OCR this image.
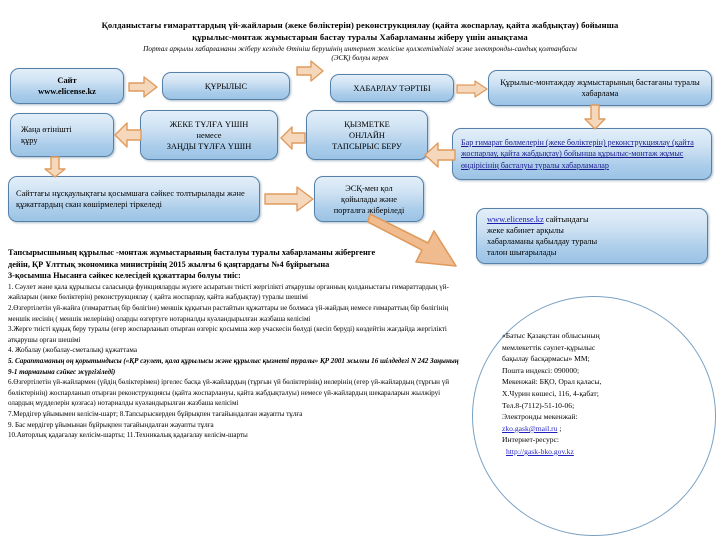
Қолданыстағы ғимараттардың үй-жайларын (жеке бөліктерін) реконструкциялау (қайта жоспарлау, қайта жабдықтау) бойынша
құрылыс-монтаж жұмыстарын бастау туралы Хабарламаны жіберу үшін анықтама
Портал арқылы хабарламаны жіберу кезінде Өтініш берушінің интернет желісіне қолжетімділігі және электронды-сандық қолтаңбасы
(ЭСҚ) болуы керек
Сайт
www.elicense.kz
ҚҰРЫЛЫС	ХАБАРЛАУ ТӘРТІБІ
Құрылыс-монтаждау жұмыстарының бастағаны туралы хабарлама
Жаңа өтінішті
құру
ЖЕКЕ ТҰЛҒА ҮШІН
немесе
ЗАҢДЫ ТҰЛҒА ҮШІН
ҚЫЗМЕТКЕ
ОНЛАЙН
ТАПСЫРЫС БЕРУ	Бар ғимарат бөлмелерін (жеке бөліктерін) реконструкциялау (қайта жоспарлау, қайта жабдықтау) бойынша құрылыс-монтаж жұмыс өндірісінің басталуы туралы хабарламалар
Сайттағы нұсқаулықтағы қосымшаға сәйкес толтырылады және құжаттардың скан көшірмелері тіркеледі
ЭСҚ-мен қол
қойылады және
порталға жіберіледі
www.elicense.kz сайтындағы
жеке кабинет арқылы
хабарламаны қабылдау туралы
талон шығарылады
«Батыс Қазақстан облысының
мемлекеттік сәулет-құрылыс
бақылау басқармасы» ММ;
Пошта индексі: 090000;
Мекенжай: БҚО, Орал қаласы,
Х.Чурин көшесі, 116, 4-қабат;
Тел.8-(7112)-51-10-06;
Электронды мекенжай:
zko.gask@mail.ru ;
Интернет-ресурс:
http://gask-bko.gov.kz
Тапсырысшының құрылыс -монтаж жұмыстарының басталуы туралы хабарламаны жібергенге
дейін, ҚР Ұлттық экономика министрінің 2015 жылғы 6 қаңтардағы №4 бұйрығына
3-қосымша Нысанға сәйкес келесідей құжаттары болуы тиіс:
1. Сәулет және қала құрылысы саласында функцияларды жүзеге асыратын тиісті жергілікті атқарушы органның қолданыстағы ғимараттардың үй-жайларын (жеке бөліктерін) реконструкциялау ( қайта жоспарлау, қайта жабдықтау) туралы шешімі
2.Өзгертілетін үй-жайға (ғимараттың бір бөлігіне) меншік құқығын растайтын құжаттары не болмаса үй-жайдың немесе ғимараттың бір бөлігінің меншік иесінің ( меншік иелерінің) оларды өзгертуге нотариалды куәландырылған жазбаша келісімі
3.Жерге тиісті құқық беру туралы (егер жоспарланып отырған өзгеріс қосымша жер учаскесін бөлуді (кесіп беруді) көздейтін жағдайда жергілікті атқарушы орган шешімі
4. Жобалау (жобалау-сметалық) құжаттама
5. Сараптаманың оң қорытындысы («ҚР сәулет, қала құрылысы және құрылыс қызметі туралы» ҚР 2001 жылғы 16 шілдедегі N 242 Заңының 9-1 тармағына сәйкес жүргізіледі)
6.Өзгертілетін үй-жайлармен (үйдің бөліктерімен) іргелес басқа үй-жайлардың (тұрғын үй бөліктерінің) иелерінің (егер үй-жайлардың (тұрғын үй бөліктерінің) жоспарланып отырған реконструкциясы (қайта жоспарлануы, қайта жабдықталуы) немесе үй-жайлардың шекараларын жылжіруі олардың мүдделерін қозғаса) нотариалды куәландырылған жазбаша келісімі
7.Мердігер ұйымымен келісім-шарт; 8.Тапсырыскерден бұйрықпен тағайындалған жауапты тұлға
9. Бас мердігер ұйымынан бұйрықпен тағайындалған жауапты тұлға
10.Авторлық қадағалау келісім-шарты; 11.Техникалық қадағалау келісім-шарты
